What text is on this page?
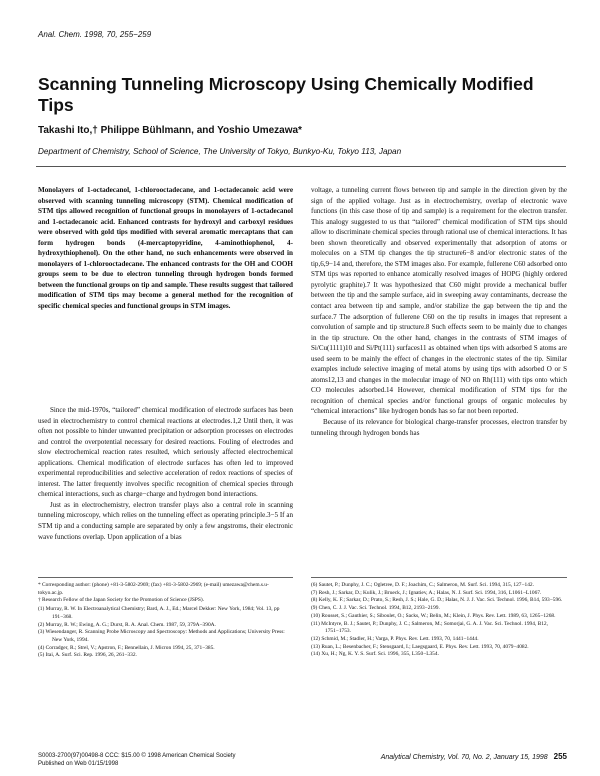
Anal. Chem. 1998, 70, 255−259
Scanning Tunneling Microscopy Using Chemically Modified Tips
Takashi Ito,† Philippe Bühlmann, and Yoshio Umezawa*
Department of Chemistry, School of Science, The University of Tokyo, Bunkyo-Ku, Tokyo 113, Japan
Monolayers of 1-octadecanol, 1-chlorooctadecane, and 1-octadecanoic acid were observed with scanning tunneling microscopy (STM). Chemical modification of STM tips allowed recognition of functional groups in monolayers of 1-octadecanol and 1-octadecanoic acid. Enhanced contrasts for hydroxyl and carboxyl residues were observed with gold tips modified with several aromatic mercaptans that can form hydrogen bonds (4-mercaptopyridine, 4-aminothiophenol, 4-hydroxythiophenol). On the other hand, no such enhancements were observed in monolayers of 1-chlorooctadecane. The enhanced contrasts for the OH and COOH groups seem to be due to electron tunneling through hydrogen bonds formed between the functional groups on tip and sample. These results suggest that tailored modification of STM tips may become a general method for the recognition of specific chemical species and functional groups in STM images.

Since the mid-1970s, “tailored” chemical modification of electrode surfaces has been used in electrochemistry to control chemical reactions at electrodes.1,2 Until then, it was often not possible to hinder unwanted precipitation or adsorption processes on electrodes and control the overpotential necessary for desired reactions. Fouling of electrodes and slow electrochemical reaction rates resulted, which seriously affected electrochemical applications. Chemical modification of electrode surfaces has often led to improved experimental reproducibilities and selective acceleration of redox reactions of species of interest. The latter frequently involves specific recognition of chemical species through chemical interactions, such as charge−charge and hydrogen bond interactions.

Just as in electrochemistry, electron transfer plays also a central role in scanning tunneling microscopy, which relies on the tunneling effect as operating principle.3−5 If an STM tip and a conducting sample are separated by only a few angstroms, their electronic wave functions overlap. Upon application of a bias

voltage, a tunneling current flows between tip and sample in the direction given by the sign of the applied voltage. Just as in electrochemistry, overlap of electronic wave functions (in this case those of tip and sample) is a requirement for the electron transfer. This analogy suggested to us that “tailored” chemical modification of STM tips should allow to discriminate chemical species through rational use of chemical interactions. It has been shown theoretically and observed experimentally that adsorption of atoms or molecules on a STM tip changes the tip structure6−8 and/or electronic states of the tip,6,9−14 and, therefore, the STM images also. For example, fullerene C60 adsorbed onto STM tips was reported to enhance atomically resolved images of HOPG (highly ordered pyrolytic graphite).7 It was hypothesized that C60 might provide a mechanical buffer between the tip and the sample surface, aid in sweeping away contaminants, decrease the contact area between tip and sample, and/or stabilize the gap between the tip and the surface.7 The adsorption of fullerene C60 on the tip results in images that represent a convolution of sample and tip structure.8 Such effects seem to be mainly due to changes in the tip structure. On the other hand, changes in the contrasts of STM images of Si/Cu(1111)10 and Si/Pt(111) surfaces11 as obtained when tips with adsorbed S atoms are used seem to be mainly the effect of changes in the electronic states of the tip. Similar examples include selective imaging of metal atoms by using tips with adsorbed O or S atoms12,13 and changes in the molecular image of NO on Rh(111) with tips onto which CO molecules adsorbed.14 However, chemical modification of STM tips for the recognition of chemical species and/or functional groups of organic molecules by “chemical interactions” like hydrogen bonds has so far not been reported.

Because of its relevance for biological charge-transfer processes, electron transfer by tunneling through hydrogen bonds has

* Corresponding author: (phone) +81-3-5802-2969; (fax) +81-3-5802-2969; (e-mail) umezawa@chem.s.u-tokyo.ac.jp.

† Research Fellow of the Japan Society for the Promotion of Science (JSPS).

(1) Murray, R. W. In Electroanalytical Chemistry; Bard, A. J., Ed.; Marcel Dekker: New York, 1984; Vol. 13, pp 191−368.

(2) Murray, R. W.; Ewing, A. G.; Durst, R. A. Anal. Chem. 1987, 59, 379A−390A.

(3) Wiesendanger, R. Scanning Probe Microscopy and Spectroscopy: Methods and Applications; University Press: New York, 1994.

(4) Corradger, R.; Strel, V.; Apstron, F.; Bennellain, J. Micron 1994, 25, 371−385.

(5) Itai, A. Surf. Sci. Rep. 1996, 26, 261−332.

(6) Sautet, P.; Dunphy, J. C.; Ogletree, D. F.; Joachim, C.; Salmeron, M. Surf. Sci. 1994, 315, 127−142.

(7) Resh, J.; Sarkar, D.; Kulik, J.; Brueck, J.; Ignatiev, A.; Halas, N. J. Surf. Sci. 1994, 316, L1061−L1067.

(8) Kelly, K. F.; Sarkar, D.; Prato, S.; Resh, J. S.; Hale, G. D.; Halas, N. J. J. Vac. Sci. Technol. 1996, B14, 593−596.

(9) Chen, C. J. J. Vac. Sci. Technol. 1994, B12, 2193−2199.

(10) Rousset, S.; Gauthier, S.; Siboulet, O.; Sacks, W.; Belin, M.; Klein, J. Phys. Rev. Lett. 1989, 63, 1265−1268.

(11) McIntyre, B. J.; Sautet, P.; Dunphy, J. C.; Salmeron, M.; Somorjai, G. A. J. Vac. Sci. Technol. 1994, B12, 1751−1753.

(12) Schmid, M.; Stadler, H.; Varga, P. Phys. Rev. Lett. 1993, 70, 1441−1444.

(13) Ruan, L.; Besenbacher, F.; Stensgaard, I.; Laegsgaard, E. Phys. Rev. Lett. 1993, 70, 4079−4082.

(14) Xu, H.; Ng, K. Y. S. Surf. Sci. 1996, 355, L350−L354.

S0003-2700(97)00498-8 CCC: $15.00 © 1998 American Chemical Society
Published on Web 01/15/1998
Analytical Chemistry, Vol. 70, No. 2, January 15, 1998 255
